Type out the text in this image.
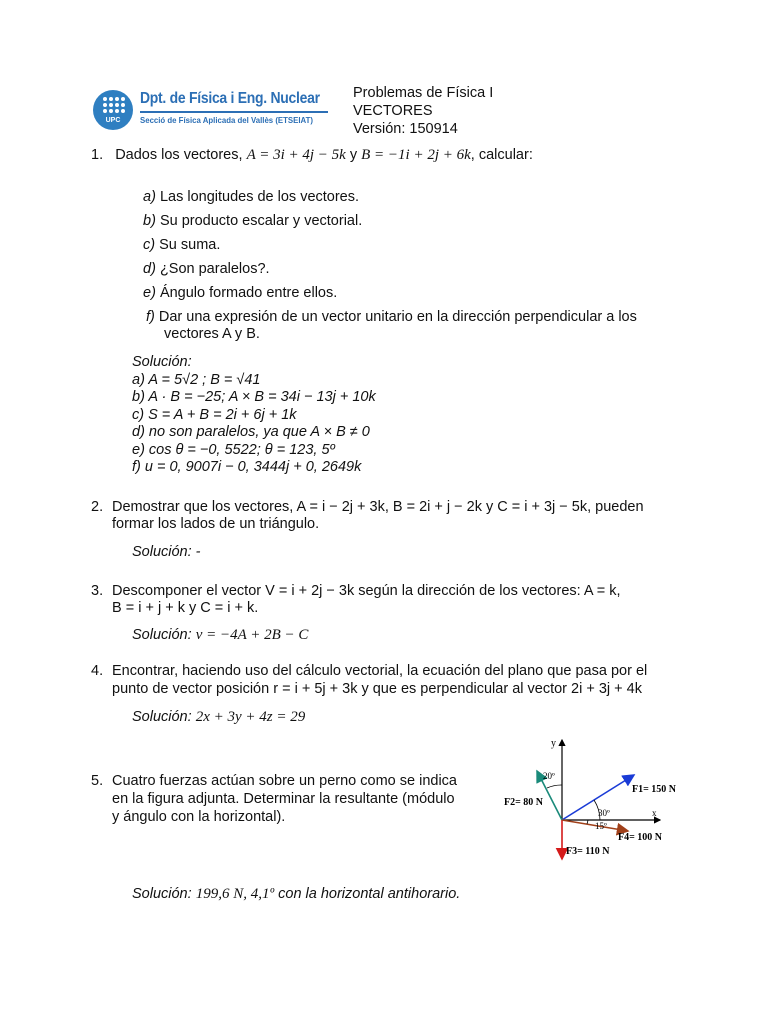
UPC
Dpt. de Física i Eng. Nuclear
Secció de Física Aplicada del Vallès (ETSEIAT)
Problemas de Física I
VECTORES
Versión: 150914
1. Dados los vectores, A = 3i + 4j − 5k y B = −1i + 2j + 6k, calcular:
a) Las longitudes de los vectores.
b) Su producto escalar y vectorial.
c) Su suma.
d) ¿Son paralelos?.
e) Ángulo formado entre ellos.
f) Dar una expresión de un vector unitario en la dirección perpendicular a los
vectores A y B.
Solución:
a) A = 5√2 ; B = √41
b) A · B = −25; A × B = 34i − 13j + 10k
c) S = A + B = 2i + 6j + 1k
d) no son paralelos, ya que A × B ≠ 0
e) cos θ = −0, 5522; θ = 123, 5º
f) u = 0, 9007i − 0, 3444j + 0, 2649k
2. Demostrar que los vectores, A = i − 2j + 3k, B = 2i + j − 2k y C = i + 3j − 5k, pueden
formar los lados de un triángulo.
Solución: -
3. Descomponer el vector V = i + 2j − 3k según la dirección de los vectores: A = k,
B = i + j + k y C = i + k.
Solución: v = −4A + 2B − C
4. Encontrar, haciendo uso del cálculo vectorial, la ecuación del plano que pasa por el
punto de vector posición r = i + 5j + 3k y que es perpendicular al vector 2i + 3j + 4k
Solución: 2x + 3y + 4z = 29
5. Cuatro fuerzas actúan sobre un perno como se indica
en la figura adjunta. Determinar la resultante (módulo
y ángulo con la horizontal).
y
x
F1= 150 N
F2= 80 N
F3= 110 N
F4= 100 N
30º
20º
15º
Solución: 199,6 N, 4,1º con la horizontal antihorario.
